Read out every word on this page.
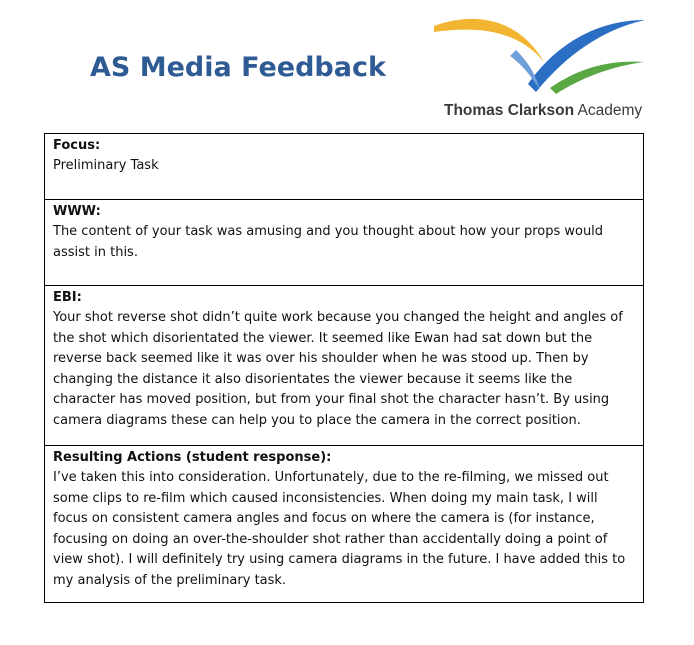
AS Media Feedback
Thomas Clarkson Academy
Focus:
Preliminary Task
WWW:
The content of your task was amusing and you thought about how your props would assist in this.
EBI:
Your shot reverse shot didn’t quite work because you changed the height and angles of the shot which disorientated the viewer. It seemed like Ewan had sat down but the reverse back seemed like it was over his shoulder when he was stood up. Then by changing the distance it also disorientates the viewer because it seems like the character has moved position, but from your final shot the character hasn’t. By using camera diagrams these can help you to place the camera in the correct position.
Resulting Actions (student response):
I’ve taken this into consideration. Unfortunately, due to the re-filming, we missed out some clips to re-film which caused inconsistencies. When doing my main task, I will focus on consistent camera angles and focus on where the camera is (for instance, focusing on doing an over-the-shoulder shot rather than accidentally doing a point of view shot). I will definitely try using camera diagrams in the future. I have added this to my analysis of the preliminary task.
